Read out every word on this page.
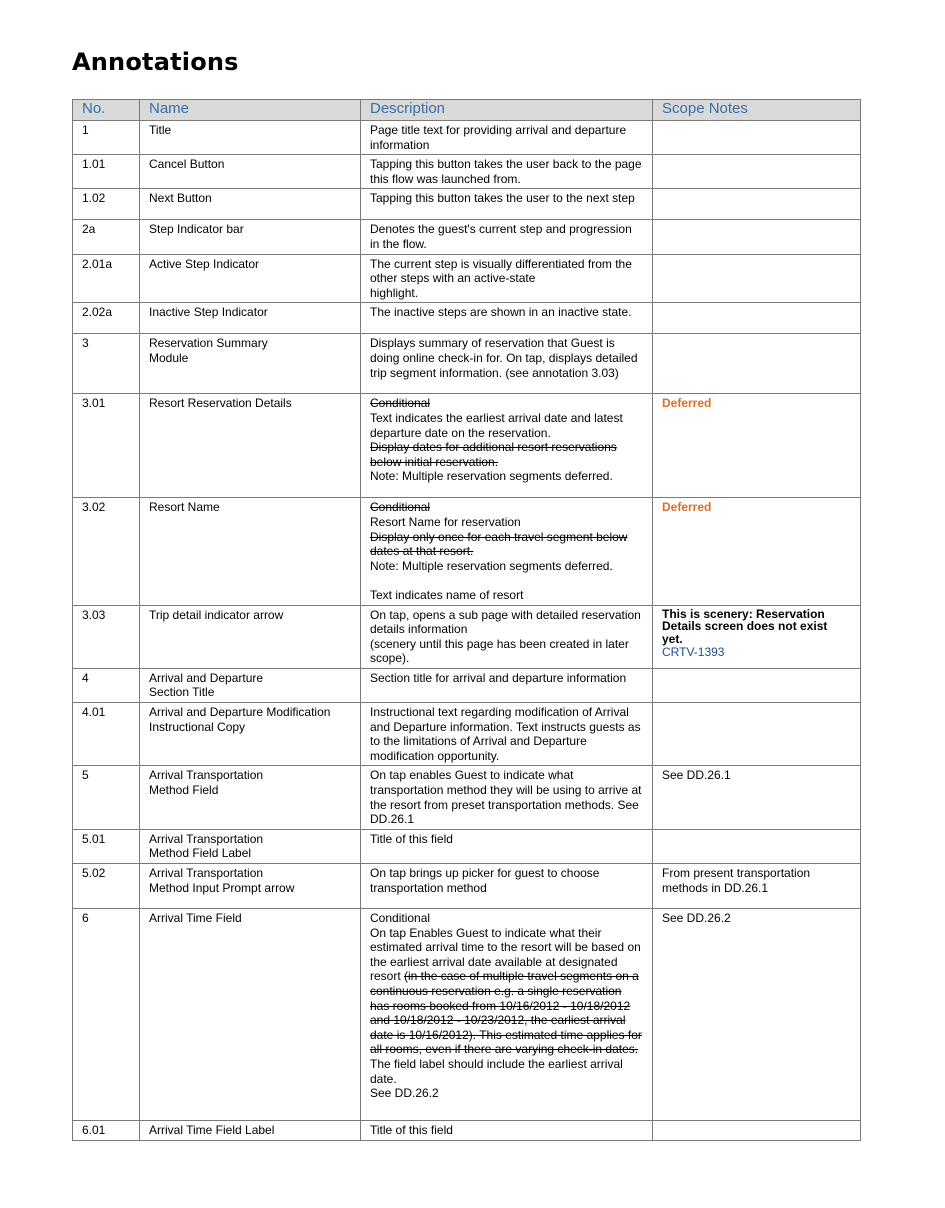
Annotations
No.	Name	Description	Scope Notes
1	Title	Page title text for providing arrival and departure information	

1.01	Cancel Button	Tapping this button takes the user back to the page this flow was launched from.	

1.02	Next Button	Tapping this button takes the user to the next step	

2a	Step Indicator bar	Denotes the guest's current step and progression in the flow.	

2.01a	Active Step Indicator	The current step is visually differentiated from the other steps with an active-state
highlight.	

2.02a	Inactive Step Indicator	The inactive steps are shown in an inactive state.	

3	Reservation Summary
Module	Displays summary of reservation that Guest is doing online check-in for. On tap, displays detailed trip segment information. (see annotation 3.03)	

3.01	Resort Reservation Details	Conditional
Text indicates the earliest arrival date and latest departure date on the reservation.
Display dates for additional resort reservations below initial reservation.
Note: Multiple reservation segments deferred.	Deferred

3.02	Resort Name	Conditional
Resort Name for reservation
Display only once for each travel segment below dates at that resort.
Note: Multiple reservation segments deferred.
Text indicates name of resort	Deferred

3.03	Trip detail indicator arrow	On tap, opens a sub page with detailed reservation details information
(scenery until this page has been created in later scope).	This is scenery: Reservation Details screen does not exist yet.
CRTV-1393

4	Arrival and Departure
Section Title	Section title for arrival and departure information	

4.01	Arrival and Departure Modification
Instructional Copy	Instructional text regarding modification of Arrival and Departure information. Text instructs guests as to the limitations of Arrival and Departure modification opportunity.	

5	Arrival Transportation
Method Field	On tap enables Guest to indicate what transportation method they will be using to arrive at the resort from preset transportation methods. See DD.26.1	See DD.26.1

5.01	Arrival Transportation
Method Field Label	Title of this field	

5.02	Arrival Transportation
Method Input Prompt arrow	On tap brings up picker for guest to choose transportation method	From present transportation methods in DD.26.1

6	Arrival Time Field	Conditional
On tap Enables Guest to indicate what their estimated arrival time to the resort will be based on the earliest arrival date available at designated resort (in the case of multiple travel segments on a continuous reservation e.g. a single reservation has rooms booked from 10/16/2012 - 10/18/2012 and 10/18/2012 - 10/23/2012, the earliest arrival date is 10/16/2012). This estimated time applies for all rooms, even if there are varying check-in dates.
The field label should include the earliest arrival date.
See DD.26.2	See DD.26.2

6.01	Arrival Time Field Label	Title of this field	
